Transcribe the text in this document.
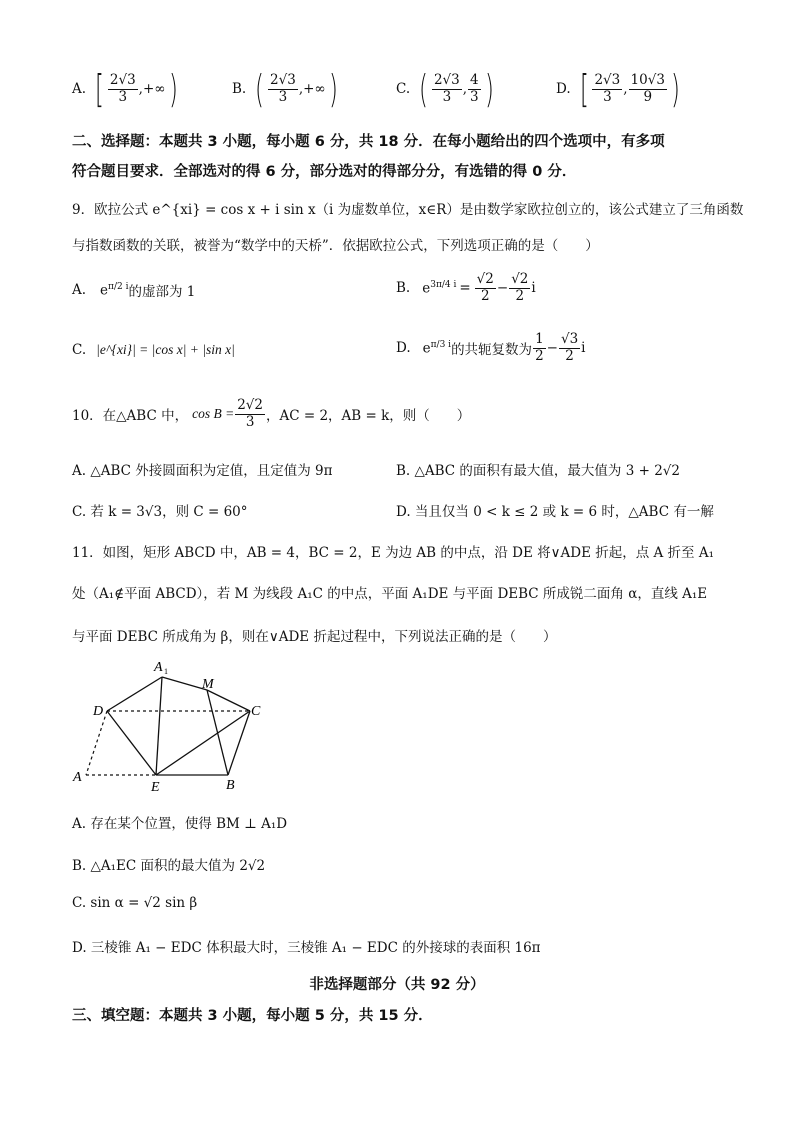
A. [ $\frac{2√3}{3}$ ,+∞ )	B. ( $\frac{2√3}{3}$ ,+∞ )	C. ( $\frac{2√3}{3}$ , $\frac{4}{3}$ )	D. [ $\frac{2√3}{3}$ , $\frac{10√3}{9}$ )
二、选择题：本题共 3 小题，每小题 6 分，共 18 分．在每小题给出的四个选项中，有多项
符合题目要求．全部选对的得 6 分，部分选对的得部分分，有选错的得 0 分．
9．欧拉公式 e^{xi} = cos x + i sin x（i 为虚数单位，x∈R）是由数学家欧拉创立的，该公式建立了三角函数
与指数函数的关联，被誉为“数学中的天桥”．依据欧拉公式，下列选项正确的是（　　）
A. $e^{\pi/2 i}$ 的虚部为 1	B. $e^{3\pi/4 i} = \frac{√2}{2} - \frac{√2}{2}$ i
C. |e^{xi}| = |cos x| + |sin x|	D. $e^{\pi/3 i}$ 的共轭复数为 $\frac{1}{2} - \frac{√3}{2}$ i
10．在△ABC 中， $\cos B = \frac{2√2}{3}$ ，AC = 2，AB = k，则（　　）
A. △ABC 外接圆面积为定值，且定值为 9π	B. △ABC 的面积有最大值，最大值为 3 + 2√2
C. 若 k = 3√3，则 C = 60°	D. 当且仅当 0 < k ≤ 2 或 k = 6 时，△ABC 有一解
11．如图，矩形 ABCD 中，AB = 4，BC = 2，E 为边 AB 的中点，沿 DE 将∨ADE 折起，点 A 折至 A₁
处（A₁∉平面 ABCD），若 M 为线段 A₁C 的中点，平面 A₁DE 与平面 DEBC 所成锐二面角 α，直线 A₁E
与平面 DEBC 所成角为 β，则在∨ADE 折起过程中，下列说法正确的是（　　）
A 1
M
D	C
A
E	B
A. 存在某个位置，使得 BM ⊥ A₁D
B. △A₁EC 面积的最大值为 2√2
C. sin α = √2 sin β
D. 三棱锥 A₁ − EDC 体积最大时，三棱锥 A₁ − EDC 的外接球的表面积 16π
非选择题部分（共 92 分）
三、填空题：本题共 3 小题，每小题 5 分，共 15 分．
